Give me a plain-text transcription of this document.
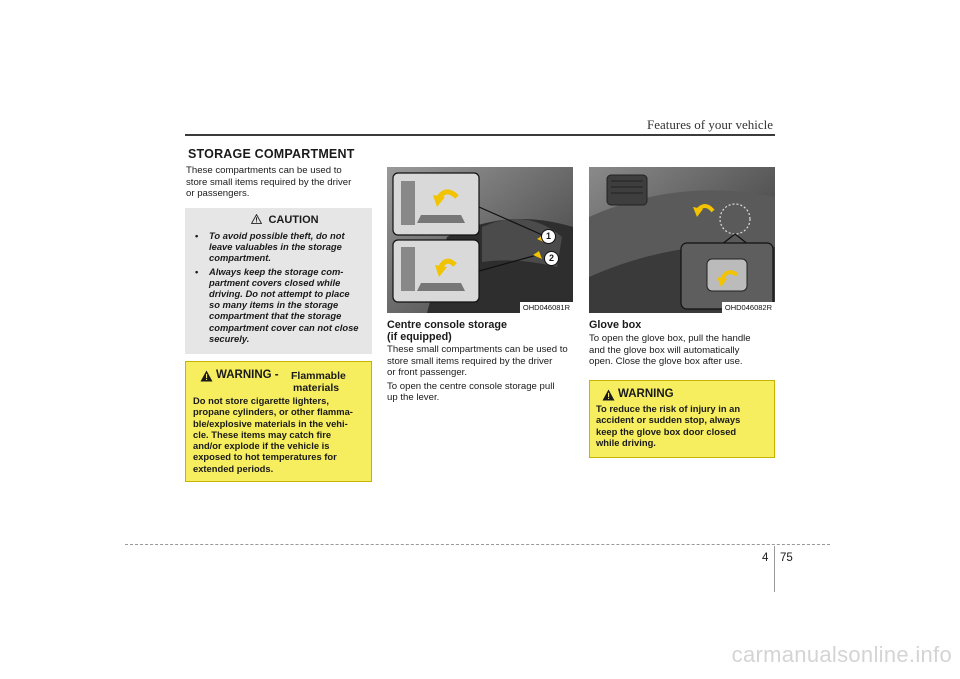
Features of your vehicle
STORAGE COMPARTMENT
These compartments can be used to
store small items required by the driver
or passengers.
CAUTION
• To avoid possible theft, do not
leave valuables in the storage
compartment.
• Always keep the storage com-
partment covers closed while
driving. Do not attempt to place
so many items in the storage
compartment that the storage
compartment cover can not close
securely.
WARNING - Flammable
materials
Do not store cigarette lighters,
propane cylinders, or other flamma-
ble/explosive materials in the vehi-
cle. These items may catch fire
and/or explode if the vehicle is
exposed to hot temperatures for
extended periods.
1
2
OHD046081R
Centre console storage
(if equipped)
These small compartments can be used to
store small items required by the driver
or front passenger.
To open the centre console storage pull
up the lever.
OHD046082R
Glove box
To open the glove box, pull the handle
and the glove box will automatically
open. Close the glove box after use.
WARNING
To reduce the risk of injury in an
accident or sudden stop, always
keep the glove box door closed
while driving.
4 75
carmanualsonline.info
